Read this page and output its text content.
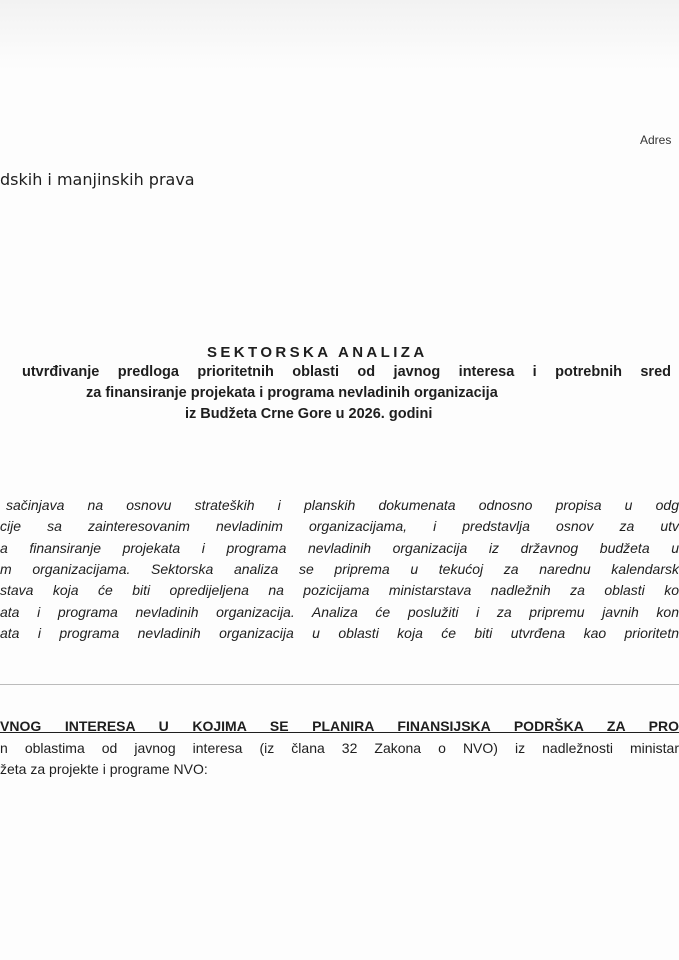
Adres
dskih i manjinskih prava
SEKTORSKA ANALIZA
utvrđivanje predloga prioritetnih oblasti od javnog interesa i potrebnih sred
za finansiranje projekata i programa nevladinih organizacija
iz Budžeta Crne Gore u 2026. godini
sačinjava na osnovu strateških i planskih dokumenata odnosno propisa u odg
cije sa zainteresovanim nevladinim organizacijama, i predstavlja osnov za utv
a finansiranje projekata i programa nevladinih organizacija iz državnog budžeta u
m organizacijama. Sektorska analiza se priprema u tekućoj za narednu kalendarsk
stava koja će biti opredijeljena na pozicijama ministarstava nadležnih za oblasti ko
ata i programa nevladinih organizacija. Analiza će poslužiti i za pripremu javnih kon
ata i programa nevladinih organizacija u oblasti koja će biti utvrđena kao prioritetn
VNOG INTERESA U KOJIMA SE PLANIRA FINANSIJSKA PODRŠKA ZA PRO
n oblastima od javnog interesa (iz člana 32 Zakona o NVO) iz nadležnosti ministar
žeta za projekte i programe NVO:
